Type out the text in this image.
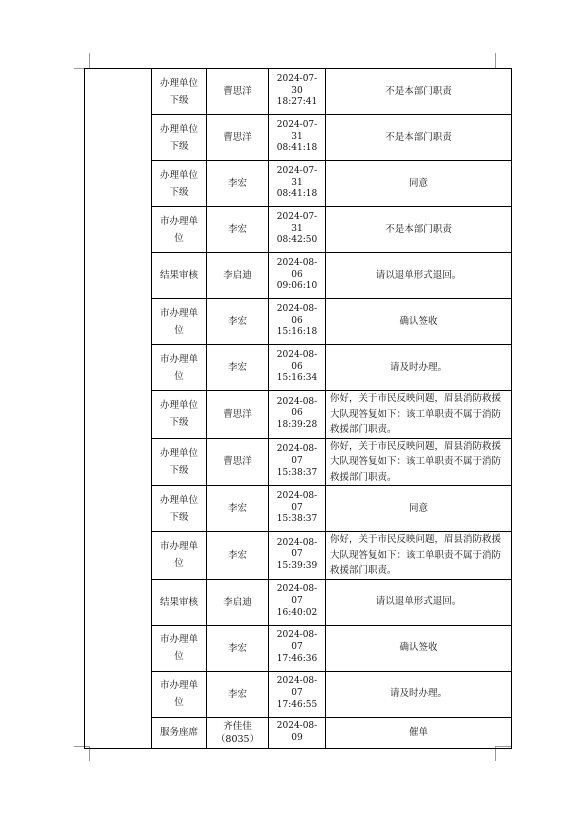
	办理单位下级	曹思洋	2024-07-30 18:27:41	不是本部门职责
	办理单位下级	曹思洋	2024-07-31 08:41:18	不是本部门职责
	办理单位下级	李宏	2024-07-31 08:41:18	同意
	市办理单位	李宏	2024-07-31 08:42:50	不是本部门职责
	结果审核	李启迪	2024-08-06 09:06:10	请以退单形式退回。
	市办理单位	李宏	2024-08-06 15:16:18	确认签收
	市办理单位	李宏	2024-08-06 15:16:34	请及时办理。
	办理单位下级	曹思洋	2024-08-06 18:39:28	你好，关于市民反映问题，眉县消防救援大队现答复如下：该工单职责不属于消防救援部门职责。
	办理单位下级	曹思洋	2024-08-07 15:38:37	你好，关于市民反映问题，眉县消防救援大队现答复如下：该工单职责不属于消防救援部门职责。
	办理单位下级	李宏	2024-08-07 15:38:37	同意
	市办理单位	李宏	2024-08-07 15:39:39	你好，关于市民反映问题，眉县消防救援大队现答复如下：该工单职责不属于消防救援部门职责。
	结果审核	李启迪	2024-08-07 16:40:02	请以退单形式退回。
	市办理单位	李宏	2024-08-07 17:46:36	确认签收
	市办理单位	李宏	2024-08-07 17:46:55	请及时办理。
	服务座席	齐佳佳（8035）	2024-08-09	催单
